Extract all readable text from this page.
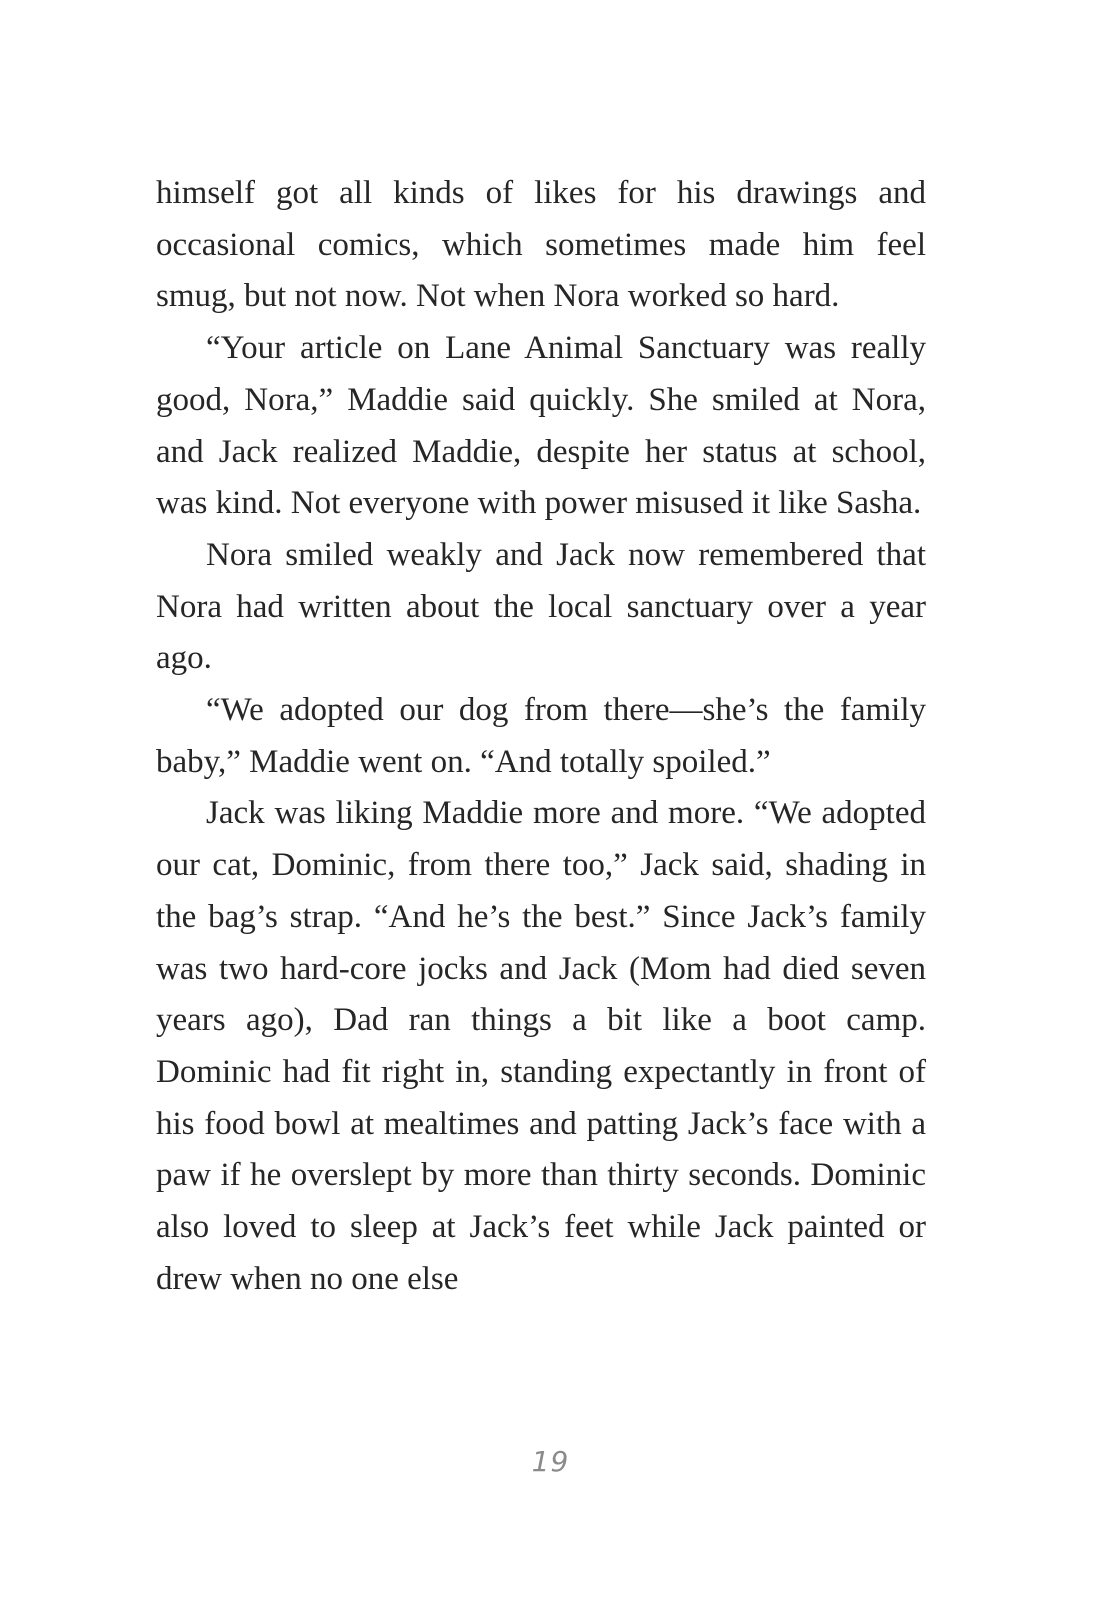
himself got all kinds of likes for his drawings and occasional comics, which sometimes made him feel smug, but not now. Not when Nora worked so hard.

“Your article on Lane Animal Sanctuary was really good, Nora,” Maddie said quickly. She smiled at Nora, and Jack realized Maddie, despite her status at school, was kind. Not everyone with power misused it like Sasha.

Nora smiled weakly and Jack now remembered that Nora had written about the local sanctuary over a year ago.

“We adopted our dog from there—she’s the family baby,” Maddie went on. “And totally spoiled.”

Jack was liking Maddie more and more. “We adopted our cat, Dominic, from there too,” Jack said, shading in the bag’s strap. “And he’s the best.” Since Jack’s family was two hard-core jocks and Jack (Mom had died seven years ago), Dad ran things a bit like a boot camp. Dominic had fit right in, standing expectantly in front of his food bowl at mealtimes and patting Jack’s face with a paw if he overslept by more than thirty seconds. Dominic also loved to sleep at Jack’s feet while Jack painted or drew when no one else

19
